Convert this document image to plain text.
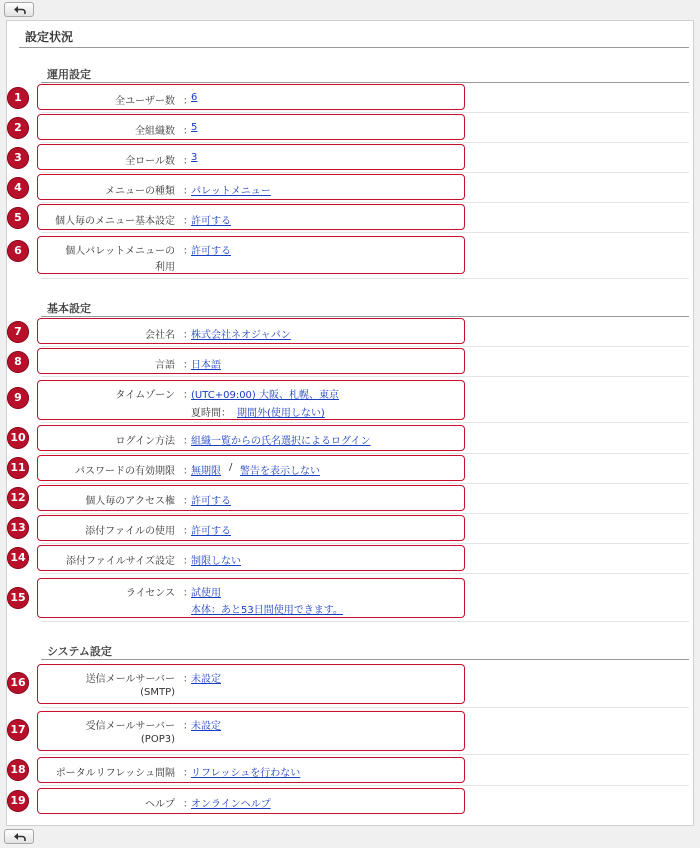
設定状況
運用設定
1	全ユーザー数 ：
6
2	全組織数 ：
5
3	全ロール数 ：
3
4	メニューの種類 ：
パレットメニュー
5	個人毎のメニュー基本設定 ：
許可する
6	個人パレットメニューの
利用
：
許可する
基本設定
7	会社名 ：
株式会社ネオジャパン
8	言語 ：
日本語
9	タイムゾーン ：
(UTC+09:00) 大阪、札幌、東京
夏時間： 期間外(使用しない)
10	ログイン方法 ：
組織一覧からの氏名選択によるログイン
11	パスワードの有効期限 ：
無期限 / 警告を表示しない
12	個人毎のアクセス権 ：
許可する
13	添付ファイルの使用 ：
許可する
14	添付ファイルサイズ設定 ：
制限しない
15	ライセンス ：
試使用
本体：あと53日間使用できます。
システム設定
16	送信メールサーバー
(SMTP)
：
未設定
17	受信メールサーバー
(POP3)
：
未設定
18	ポータルリフレッシュ間隔 ：
リフレッシュを行わない
19	ヘルプ ：
オンラインヘルプ
